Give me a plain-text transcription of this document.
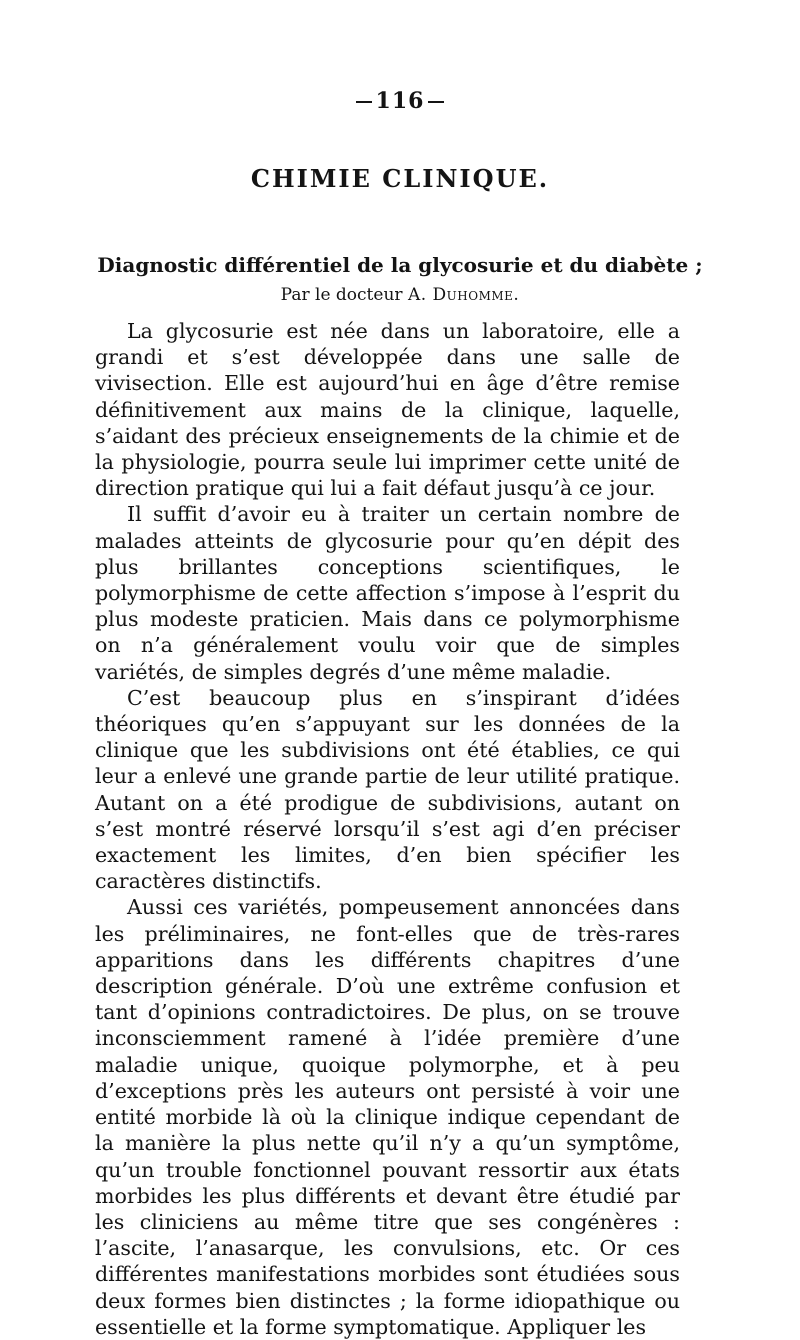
116
CHIMIE CLINIQUE.
Diagnostic différentiel de la glycosurie et du diabète ;
Par le docteur A. Duhomme.

La glycosurie est née dans un laboratoire, elle a grandi et s’est développée dans une salle de vivisection. Elle est aujourd’hui en âge d’être remise définitivement aux mains de la clinique, laquelle, s’aidant des précieux enseignements de la chimie et de la physiologie, pourra seule lui imprimer cette unité de direction pratique qui lui a fait défaut jusqu’à ce jour.

Il suffit d’avoir eu à traiter un certain nombre de malades atteints de glycosurie pour qu’en dépit des plus brillantes conceptions scientifiques, le polymorphisme de cette affection s’impose à l’esprit du plus modeste praticien. Mais dans ce polymorphisme on n’a généralement voulu voir que de simples variétés, de simples degrés d’une même maladie.

C’est beaucoup plus en s’inspirant d’idées théoriques qu’en s’appuyant sur les données de la clinique que les subdivisions ont été établies, ce qui leur a enlevé une grande partie de leur utilité pratique. Autant on a été prodigue de subdivisions, autant on s’est montré réservé lorsqu’il s’est agi d’en préciser exactement les limites, d’en bien spécifier les caractères distinctifs.

Aussi ces variétés, pompeusement annoncées dans les préliminaires, ne font-elles que de très-rares apparitions dans les différents chapitres d’une description générale. D’où une extrême confusion et tant d’opinions contradictoires. De plus, on se trouve inconsciemment ramené à l’idée première d’une maladie unique, quoique polymorphe, et à peu d’exceptions près les auteurs ont persisté à voir une entité morbide là où la clinique indique cependant de la manière la plus nette qu’il n’y a qu’un symptôme, qu’un trouble fonctionnel pouvant ressortir aux états morbides les plus différents et devant être étudié par les cliniciens au même titre que ses congénères : l’ascite, l’anasarque, les convulsions, etc. Or ces différentes manifestations morbides sont étudiées sous deux formes bien distinctes ; la forme idiopathique ou essentielle et la forme symptomatique. Appliquer les
